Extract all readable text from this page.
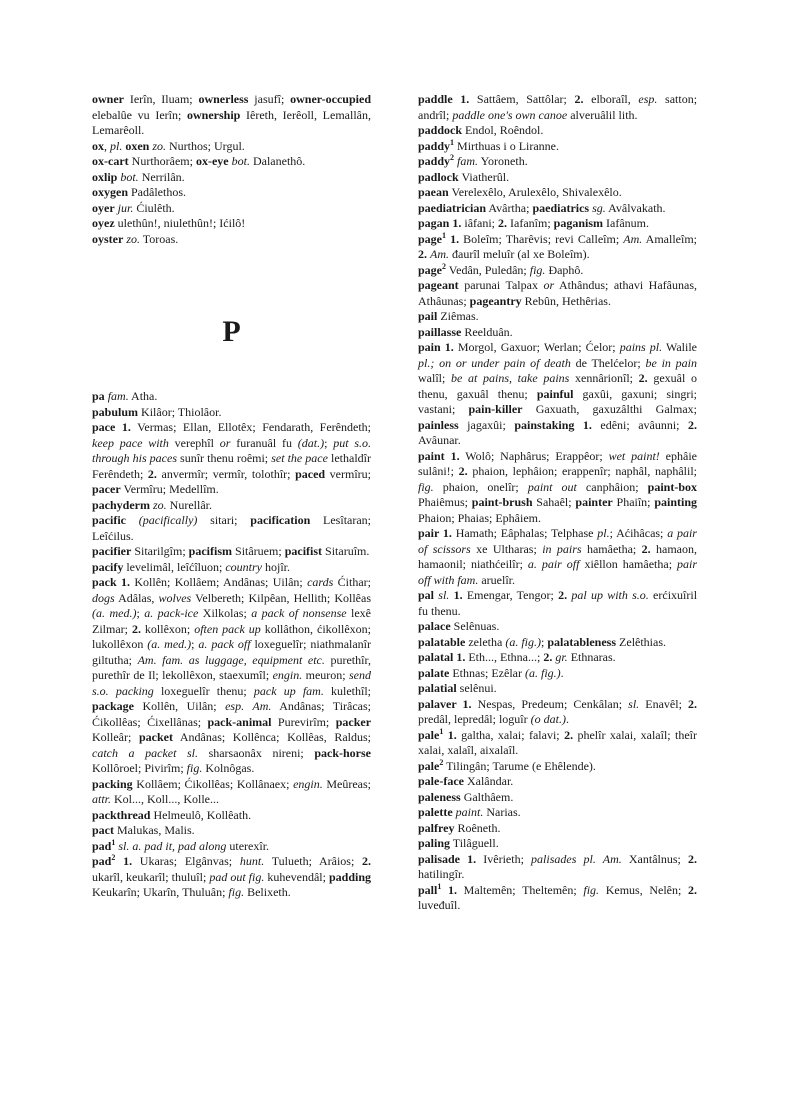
owner Ierîn, Iluam; ownerless jasufî; owner-occupied elebalûe vu Ierîn; ownership Iêreth, Ierêoll, Lemallân, Lemarêoll.

ox, pl. oxen zo. Nurthos; Urgul.

ox-cart Nurthorâem; ox-eye bot. Dalanethô.

oxlip bot. Nerrilân.

oxygen Padâlethos.

oyer jur. Ćiulêth.

oyez ulethûn!, niulethûn!; Ićilô!

oyster zo. Toroas.

P

pa fam. Atha.

pabulum Kilâor; Thiolâor.

pace 1. Vermas; Ellan, Ellotêx; Fendarath, Ferêndeth; keep pace with verephîl or furanuâl fu (dat.); put s.o. through his paces sunîr thenu roêmi; set the pace lethaldîr Ferêndeth; 2. anvermîr; vermîr, tolothîr; paced vermîru; pacer Vermîru; Medellîm.

pachyderm zo. Nurellâr.

pacific (pacifically) sitari; pacification Lesîtaran; Leîćilus.

pacifier Sitarilgîm; pacifism Sitâruem; pacifist Sitaruîm.

pacify levelimâl, leîćîluon; country hojîr.

pack 1. Kollên; Kollâem; Andânas; Uilân; cards Ćithar; dogs Adâlas, wolves Velbereth; Kilpêan, Hellith; Kollêas (a. med.); a. pack-ice Xilkolas; a pack of nonsense lexê Zilmar; 2. kollêxon; often pack up kollâthon, ćikollêxon; lukollêxon (a. med.); a. pack off loxeguelîr; niathmalanîr giltutha; Am. fam. as luggage, equipment etc. purethîr, purethîr de Il; lekollêxon, staexumîl; engin. meuron; send s.o. packing loxeguelîr thenu; pack up fam. kulethîl; package Kollên, Uilân; esp. Am. Andânas; Tirâcas; Ćikollêas; Ćixellânas; pack-animal Purevirîm; packer Kolleâr; packet Andânas; Kollênca; Kollêas, Raldus; catch a packet sl. sharsaonâx nireni; pack-horse Kollôroel; Pivirîm; fig. Kolnôgas.

packing Kollâem; Ćikollêas; Kollânaex; engin. Meûreas; attr. Kol..., Koll..., Kolle...

packthread Helmeulô, Kollêath.

pact Malukas, Malis.

pad$^1$ sl. a. pad it, pad along uterexîr.

pad$^2$ 1. Ukaras; Elgânvas; hunt. Tulueth; Arâios; 2. ukarîl, keukarîl; thuluîl; pad out fig. kuhevendâl; padding Keukarîn; Ukarîn, Thuluân; fig. Belixeth.

paddle 1. Sattâem, Sattôlar; 2. elboraîl, esp. satton; andrîl; paddle one's own canoe alveruâlil lith.

paddock Endol, Roêndol.

paddy$^1$ Mirthuas i o Liranne.

paddy$^2$ fam. Yoroneth.

padlock Viatherûl.

paean Verelexêlo, Arulexêlo, Shivalexêlo.

paediatrician Avârtha; paediatrics sg. Avâlvakath.

pagan 1. iâfani; 2. Iafanîm; paganism Iafânum.

page$^1$ 1. Boleîm; Tharêvis; revi Calleîm; Am. Amalleîm; 2. Am. đaurîl meluîr (al xe Boleîm).

page$^2$ Vedân, Puledân; fig. Đaphô.

pageant parunai Talpax or Athândus; athavi Hafâunas, Athâunas; pageantry Rebûn, Hethêrias.

pail Ziêmas.

paillasse Reelduân.

pain 1. Morgol, Gaxuor; Werlan; Ćelor; pains pl. Walile pl.; on or under pain of death de Thelćelor; be in pain walîl; be at pains, take pains xennârionîl; 2. gexuâl o thenu, gaxuâl thenu; painful gaxûi, gaxuni; singri; vastani; pain-killer Gaxuath, gaxuzâlthi Galmax; painless jagaxûi; painstaking 1. edêni; avâunni; 2. Avâunar.

paint 1. Wolô; Naphârus; Erappêor; wet paint! ephâie sulâni!; 2. phaion, lephâion; erappenîr; naphâl, naphâlil; fig. phaion, onelîr; paint out canphâion; paint-box Phaiêmus; paint-brush Sahaêl; painter Phaiîn; painting Phaion; Phaias; Ephâiem.

pair 1. Hamath; Eâphalas; Telphase pl.; Aćihâcas; a pair of scissors xe Ultharas; in pairs hamâetha; 2. hamaon, hamaonil; niathćeilîr; a. pair off xiêllon hamâetha; pair off with fam. aruelîr.

pal sl. 1. Emengar, Tengor; 2. pal up with s.o. erćixuîril fu thenu.

palace Selênuas.

palatable zeletha (a. fig.); palatableness Zelêthias.

palatal 1. Eth..., Ethna...; 2. gr. Ethnaras.

palate Ethnas; Ezêlar (a. fig.).

palatial selênui.

palaver 1. Nespas, Predeum; Cenkâlan; sl. Enavêl; 2. predâl, lepredâl; loguîr (o dat.).

pale$^1$ 1. galtha, xalai; falavi; 2. phelîr xalai, xalaîl; theîr xalai, xalaîl, aixalaîl.

pale$^2$ Tilingân; Tarume (e Ehêlende).

pale-face Xalândar.

paleness Galthâem.

palette paint. Narias.

palfrey Roêneth.

paling Tilâguell.

palisade 1. Ivêrieth; palisades pl. Am. Xantâlnus; 2. hatilingîr.

pall$^1$ 1. Maltemên; Theltemên; fig. Kemus, Nelên; 2. luveđuîl.
